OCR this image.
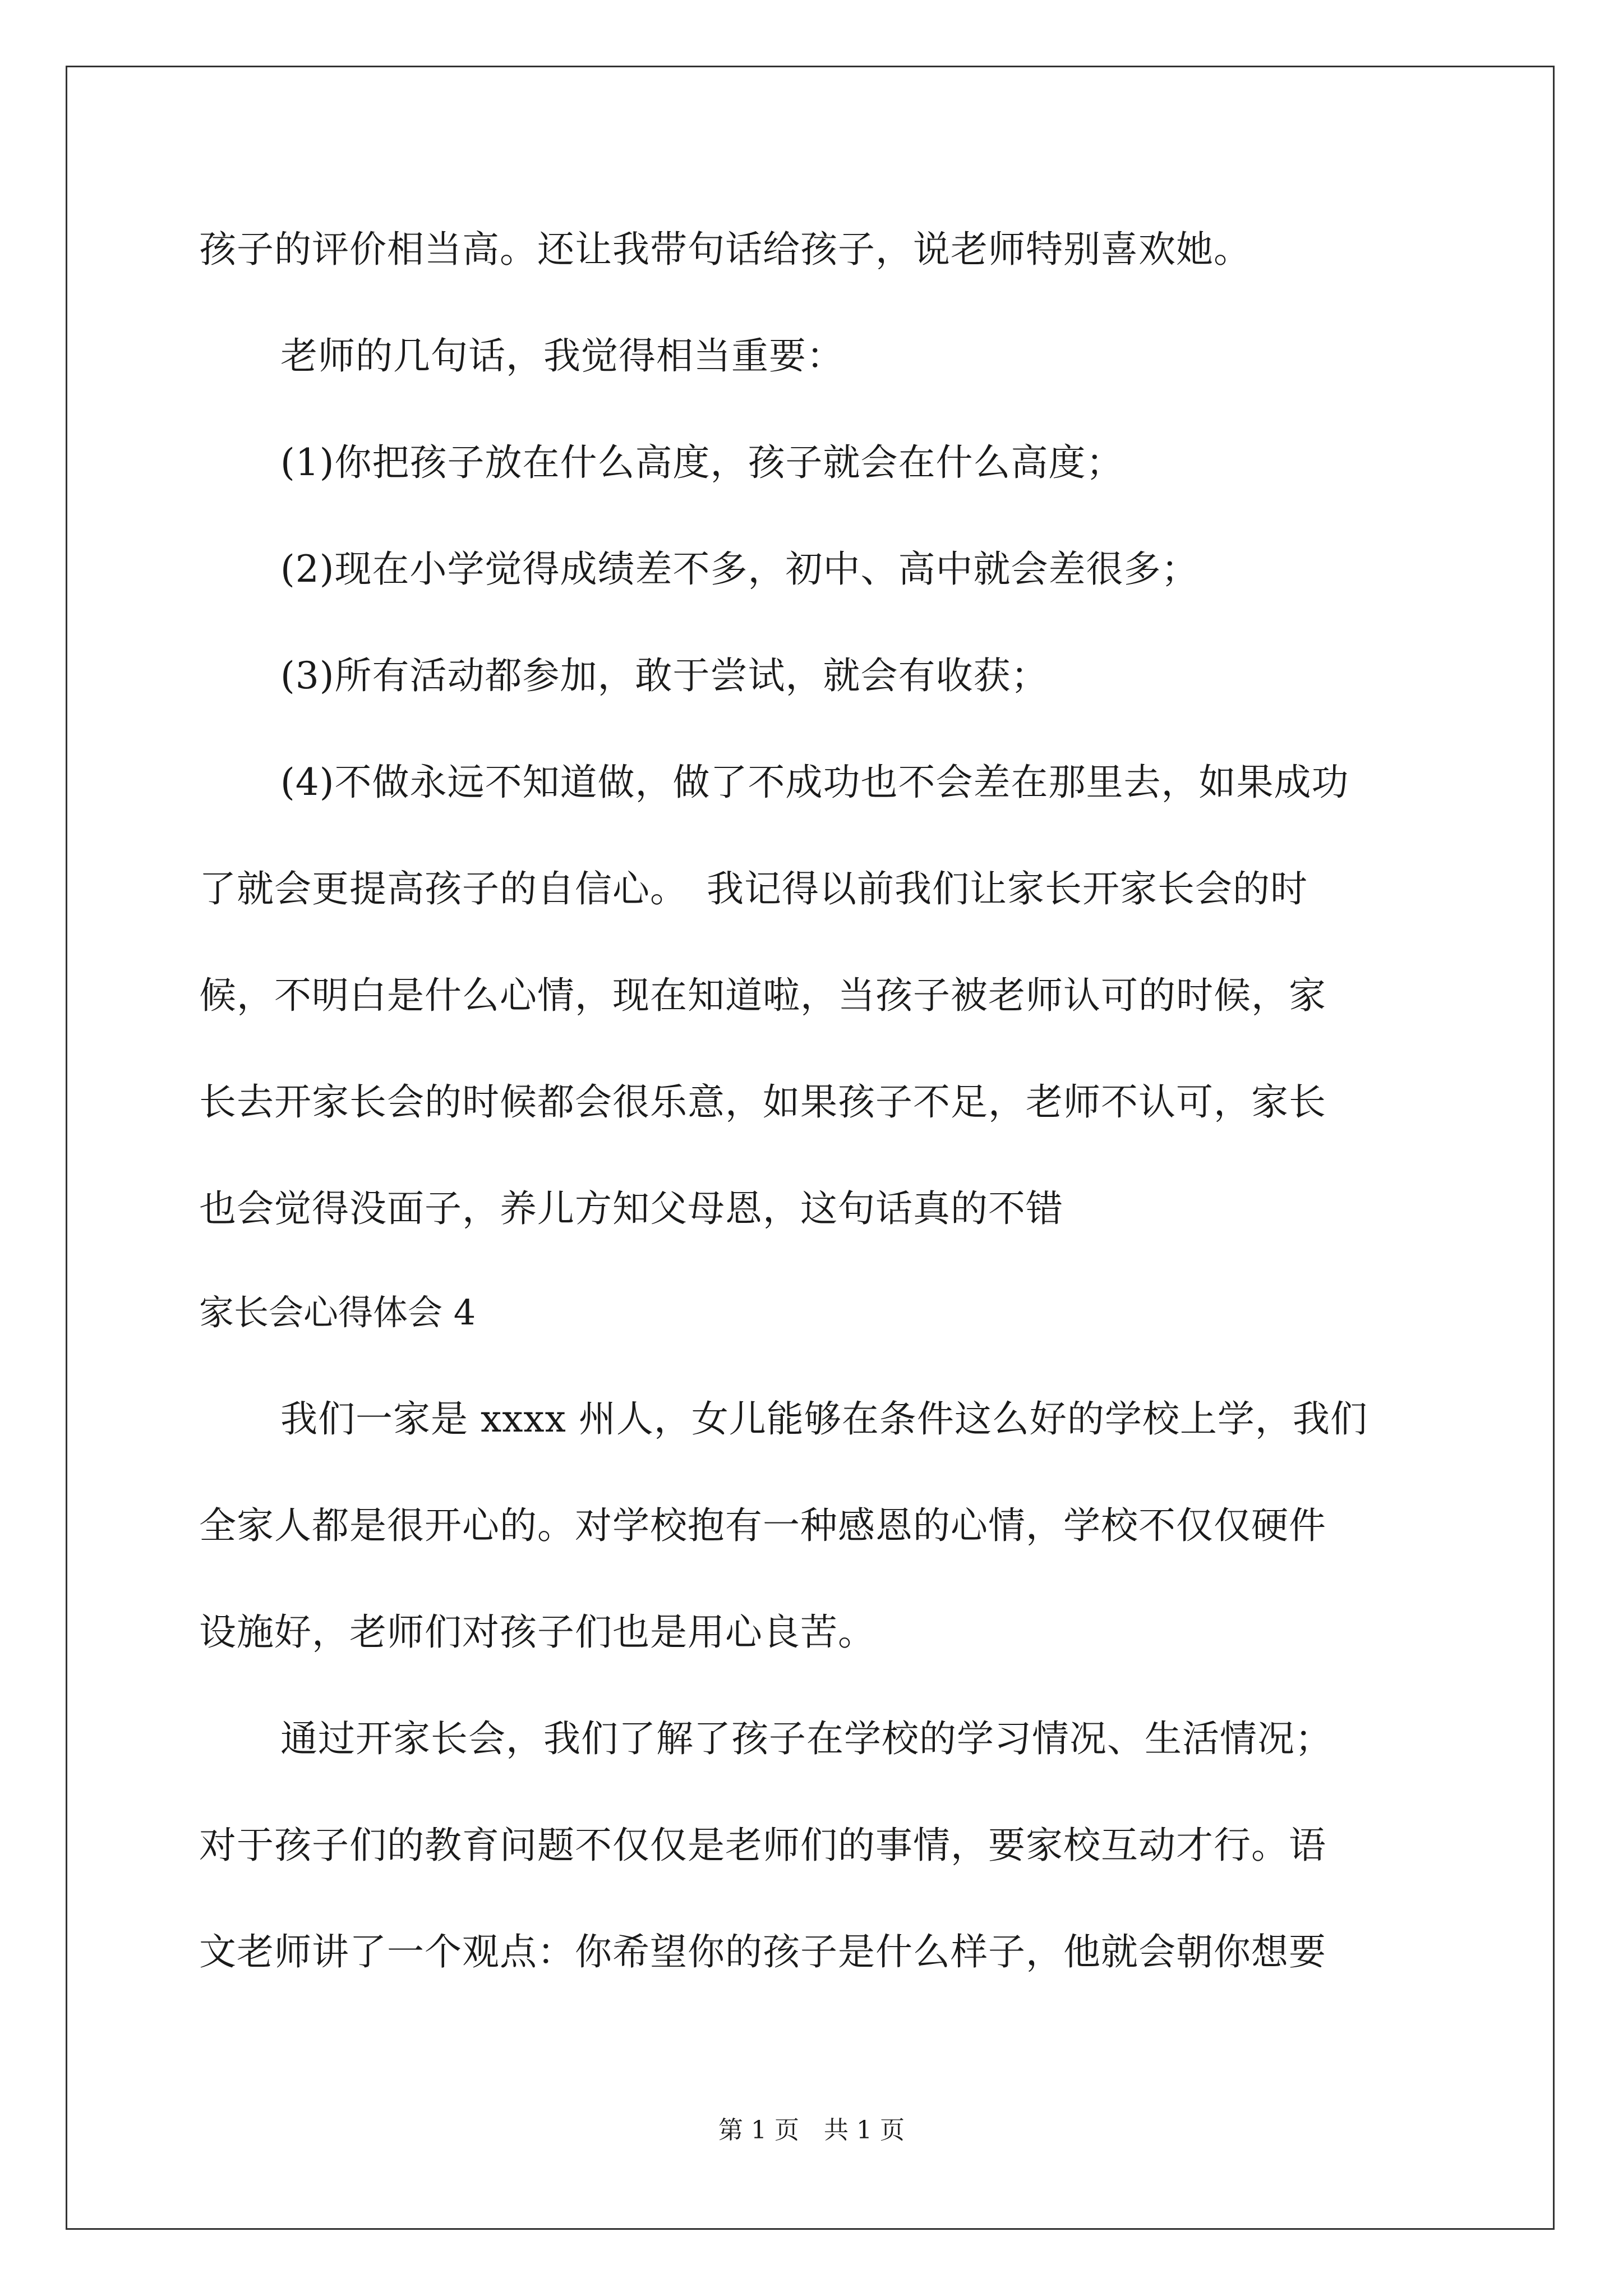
孩子的评价相当高。还让我带句话给孩子，说老师特别喜欢她。
老师的几句话，我觉得相当重要：
(1)你把孩子放在什么高度，孩子就会在什么高度；
(2)现在小学觉得成绩差不多，初中、高中就会差很多；
(3)所有活动都参加，敢于尝试，就会有收获；
(4)不做永远不知道做，做了不成功也不会差在那里去，如果成功
了就会更提高孩子的自信心。　我记得以前我们让家长开家长会的时
候，不明白是什么心情，现在知道啦，当孩子被老师认可的时候，家
长去开家长会的时候都会很乐意，如果孩子不足，老师不认可，家长
也会觉得没面子，养儿方知父母恩，这句话真的不错
家长会心得体会 4
我们一家是 xxxx 州人，女儿能够在条件这么好的学校上学，我们
全家人都是很开心的。对学校抱有一种感恩的心情，学校不仅仅硬件
设施好，老师们对孩子们也是用心良苦。
通过开家长会，我们了解了孩子在学校的学习情况、生活情况；
对于孩子们的教育问题不仅仅是老师们的事情，要家校互动才行。语
文老师讲了一个观点：你希望你的孩子是什么样子，他就会朝你想要
第 1 页　共 1 页
